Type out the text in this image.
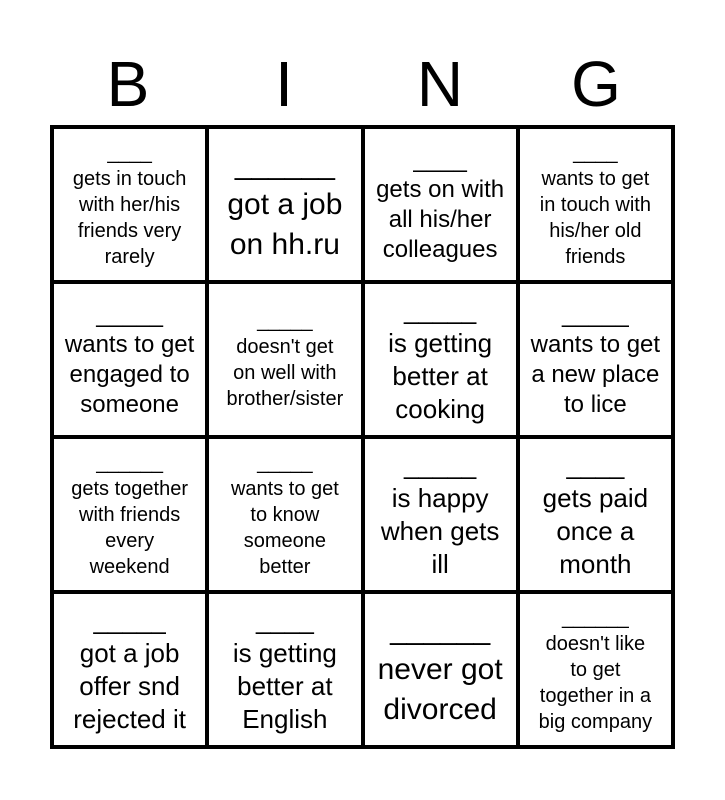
B	I	N	G
____
gets in touch
with her/his
friends very
rarely
______
got a job
on hh.ru
____
gets on with
all his/her
colleagues
____
wants to get
in touch with
his/her old
friends
_____
wants to get
engaged to
someone
_____
doesn't get
on well with
brother/sister
_____
is getting
better at
cooking
_____
wants to get
a new place
to lice
______
gets together
with friends
every
weekend
_____
wants to get
to know
someone
better
_____
is happy
when gets
ill
____
gets paid
once a
month
_____
got a job
offer snd
rejected it
____
is getting
better at
English
______
never got
divorced
______
doesn't like
to get
together in a
big company
